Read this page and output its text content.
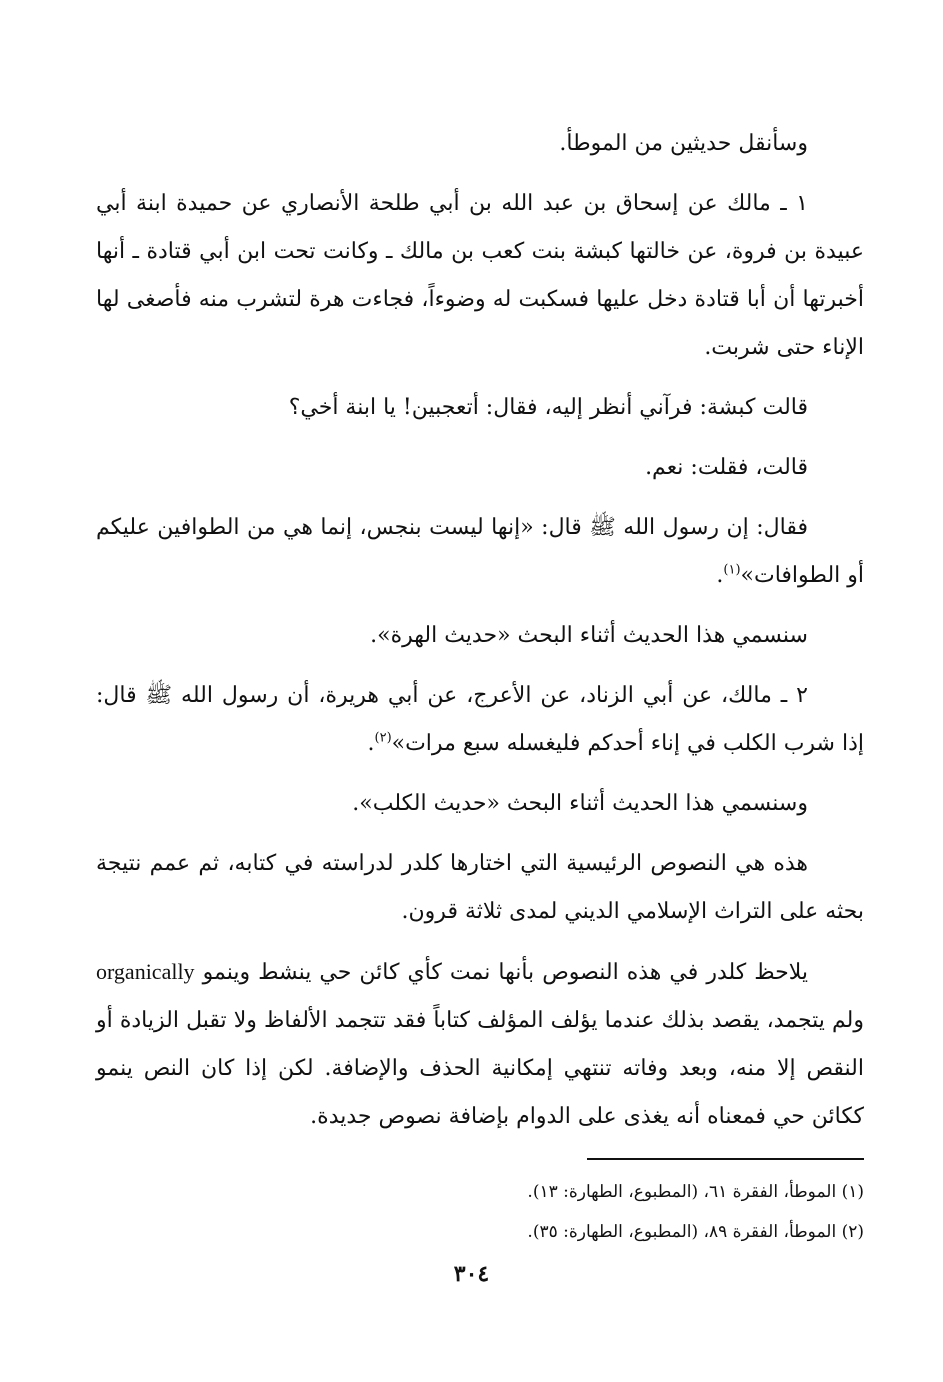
وسأنقل حديثين من الموطأ.

١ ـ مالك عن إسحاق بن عبد الله بن أبي طلحة الأنصاري عن حميدة ابنة أبي عبيدة بن فروة، عن خالتها كبشة بنت كعب بن مالك ـ وكانت تحت ابن أبي قتادة ـ أنها أخبرتها أن أبا قتادة دخل عليها فسكبت له وضوءاً، فجاءت هرة لتشرب منه فأصغى لها الإناء حتى شربت.

قالت كبشة: فرآني أنظر إليه، فقال: أتعجبين! يا ابنة أخي؟

قالت، فقلت: نعم.

فقال: إن رسول الله ﷺ قال: «إنها ليست بنجس، إنما هي من الطوافين عليكم أو الطوافات»$^{(١)}$.

سنسمي هذا الحديث أثناء البحث «حديث الهرة».

٢ ـ مالك، عن أبي الزناد، عن الأعرج، عن أبي هريرة، أن رسول الله ﷺ قال: إذا شرب الكلب في إناء أحدكم فليغسله سبع مرات»$^{(٢)}$.

وسنسمي هذا الحديث أثناء البحث «حديث الكلب».

هذه هي النصوص الرئيسية التي اختارها كلدر لدراسته في كتابه، ثم عمم نتيجة بحثه على التراث الإسلامي الديني لمدى ثلاثة قرون.

يلاحظ كلدر في هذه النصوص بأنها نمت كأي كائن حي ينشط وينمو organically ولم يتجمد، يقصد بذلك عندما يؤلف المؤلف كتاباً فقد تتجمد الألفاظ ولا تقبل الزيادة أو النقص إلا منه، وبعد وفاته تنتهي إمكانية الحذف والإضافة. لكن إذا كان النص ينمو ككائن حي فمعناه أنه يغذى على الدوام بإضافة نصوص جديدة.

(١) الموطأ، الفقرة ٦١، (المطبوع، الطهارة: ١٣).
(٢) الموطأ، الفقرة ٨٩، (المطبوع، الطهارة: ٣٥).
٣٠٤
